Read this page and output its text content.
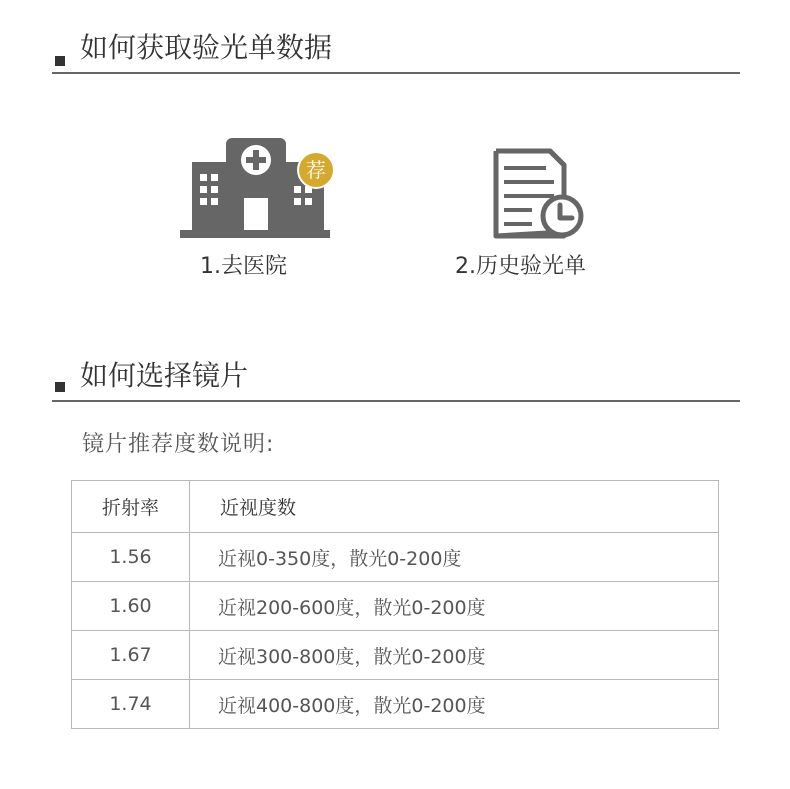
如何获取验光单数据
荐
1.去医院	2.历史验光单
如何选择镜片
镜片推荐度数说明:
折射率	近视度数
1.56	近视0-350度，散光0-200度
1.60	近视200-600度，散光0-200度
1.67	近视300-800度，散光0-200度
1.74	近视400-800度，散光0-200度
